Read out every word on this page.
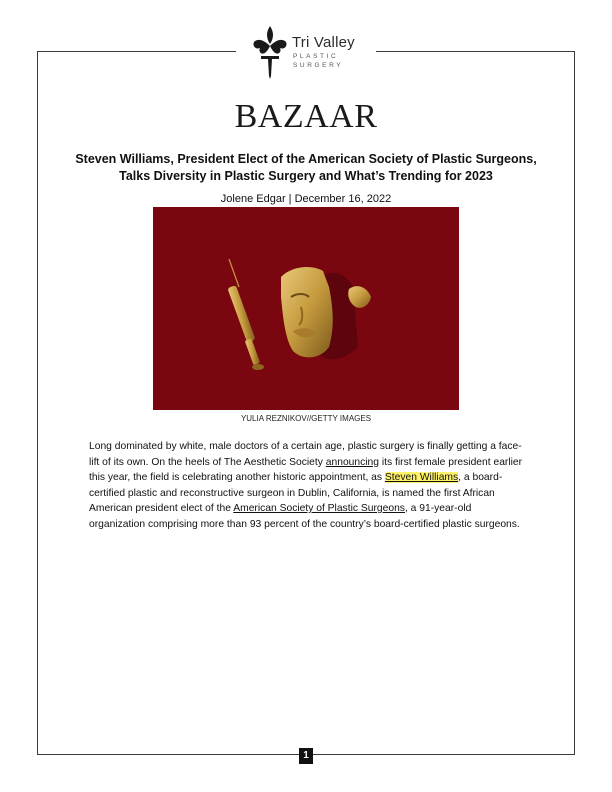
Tri Valley
PLASTIC
SURGERY
BAZAAR
Steven Williams, President Elect of the American Society of Plastic Surgeons, Talks Diversity in Plastic Surgery and What’s Trending for 2023
Jolene Edgar | December 16, 2022
YULIA REZNIKOV//GETTY IMAGES
Long dominated by white, male doctors of a certain age, plastic surgery is finally getting a face-lift of its own. On the heels of The Aesthetic Society announcing its first female president earlier this year, the field is celebrating another historic appointment, as Steven Williams, a board-certified plastic and reconstructive surgeon in Dublin, California, is named the first African American president elect of the American Society of Plastic Surgeons, a 91-year-old organization comprising more than 93 percent of the country’s board-certified plastic surgeons.
1
